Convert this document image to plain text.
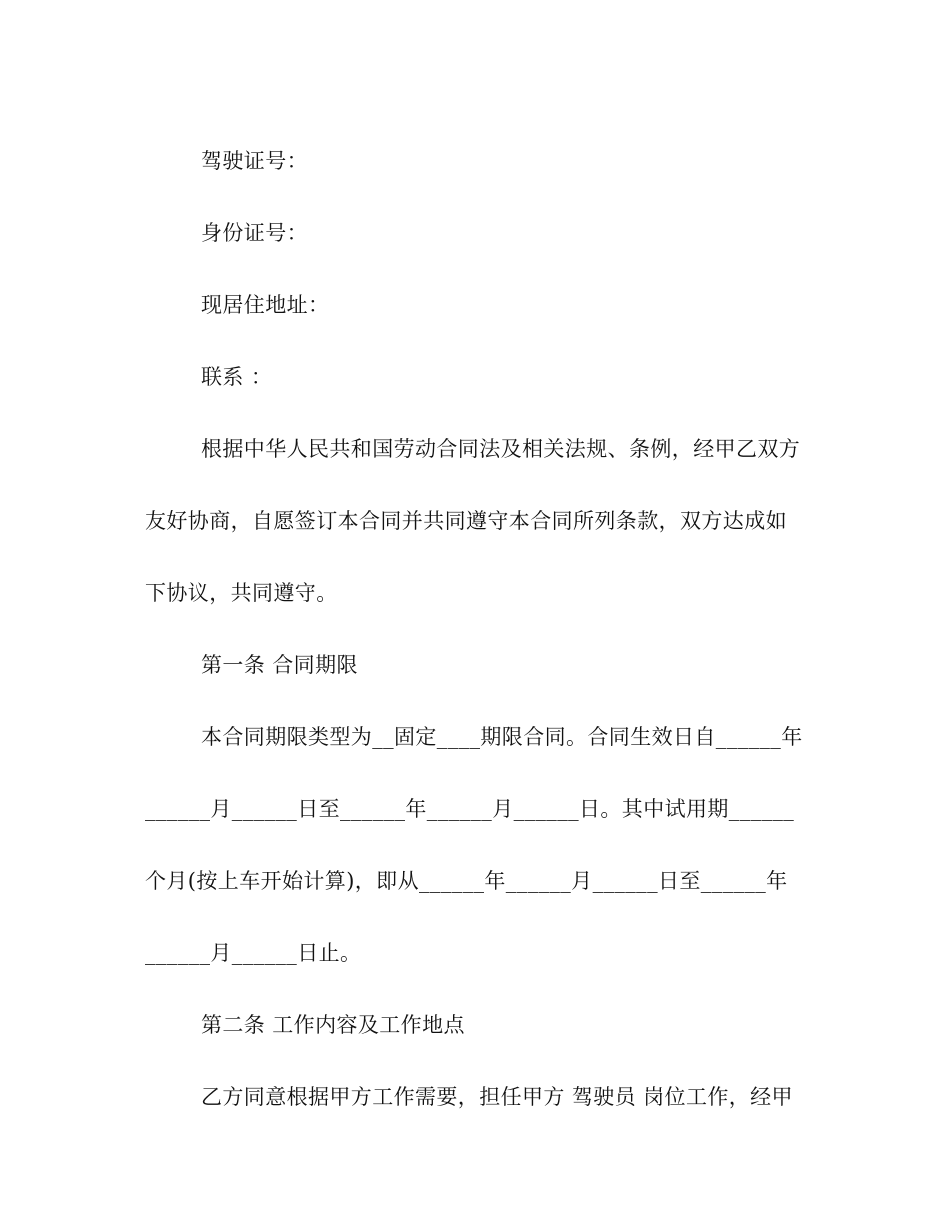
驾驶证号：
身份证号：
现居住地址：
联系 ：
根据中华人民共和国劳动合同法及相关法规、条例，经甲乙双方
友好协商，自愿签订本合同并共同遵守本合同所列条款，双方达成如
下协议，共同遵守。
第一条 合同期限
本合同期限类型为__固定____期限合同。合同生效日自______年
______月______日至______年______月______日。其中试用期______
个月(按上车开始计算)，即从______年______月______日至______年
______月______日止。
第二条 工作内容及工作地点
乙方同意根据甲方工作需要，担任甲方 驾驶员 岗位工作，经甲
